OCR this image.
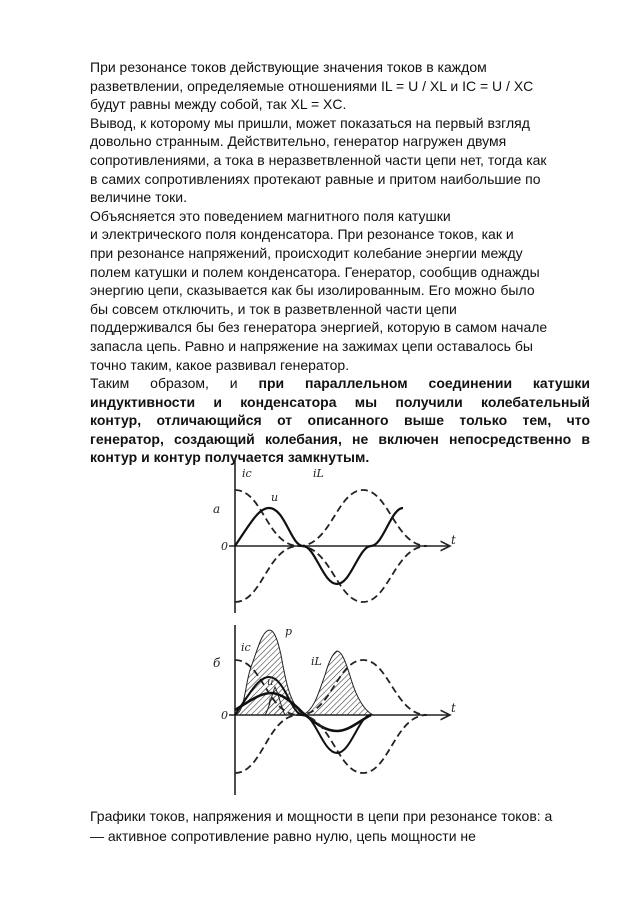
При резонансе токов действующие значения токов в каждом
разветвлении, определяемые отношениями IL = U / XL и IC = U / XC
будут равны между собой, так XL = XC.
Вывод, к которому мы пришли, может показаться на первый взгляд
довольно странным. Действительно, генератор нагружен двумя
сопротивлениями, а тока в неразветвленной части цепи нет, тогда как
в самих сопротивлениях протекают равные и притом наибольшие по
величине токи.
Объясняется это поведением магнитного поля катушки
и электрического поля конденсатора. При резонансе токов, как и
при резонансе напряжений, происходит колебание энергии между
полем катушки и полем конденсатора. Генератор, сообщив однажды
энергию цепи, сказывается как бы изолированным. Его можно было
бы совсем отключить, и ток в разветвленной части цепи
поддерживался бы без генератора энергией, которую в самом начале
запасла цепь. Равно и напряжение на зажимах цепи оставалось бы
точно таким, какое развивал генератор.
Таким образом, и при параллельном соединении катушки
индуктивности и конденсатора мы получили колебательный
контур, отличающийся от описанного выше только тем, что
генератор, создающий колебания, не включен непосредственно в
контур и контур получается замкнутым.
а
0	t
iс	iL
u
б
0
t
iс
iL
p
u
i
Графики токов, напряжения и мощности в цепи при резонансе токов: а
— активное сопротивление равно нулю, цепь мощности не
